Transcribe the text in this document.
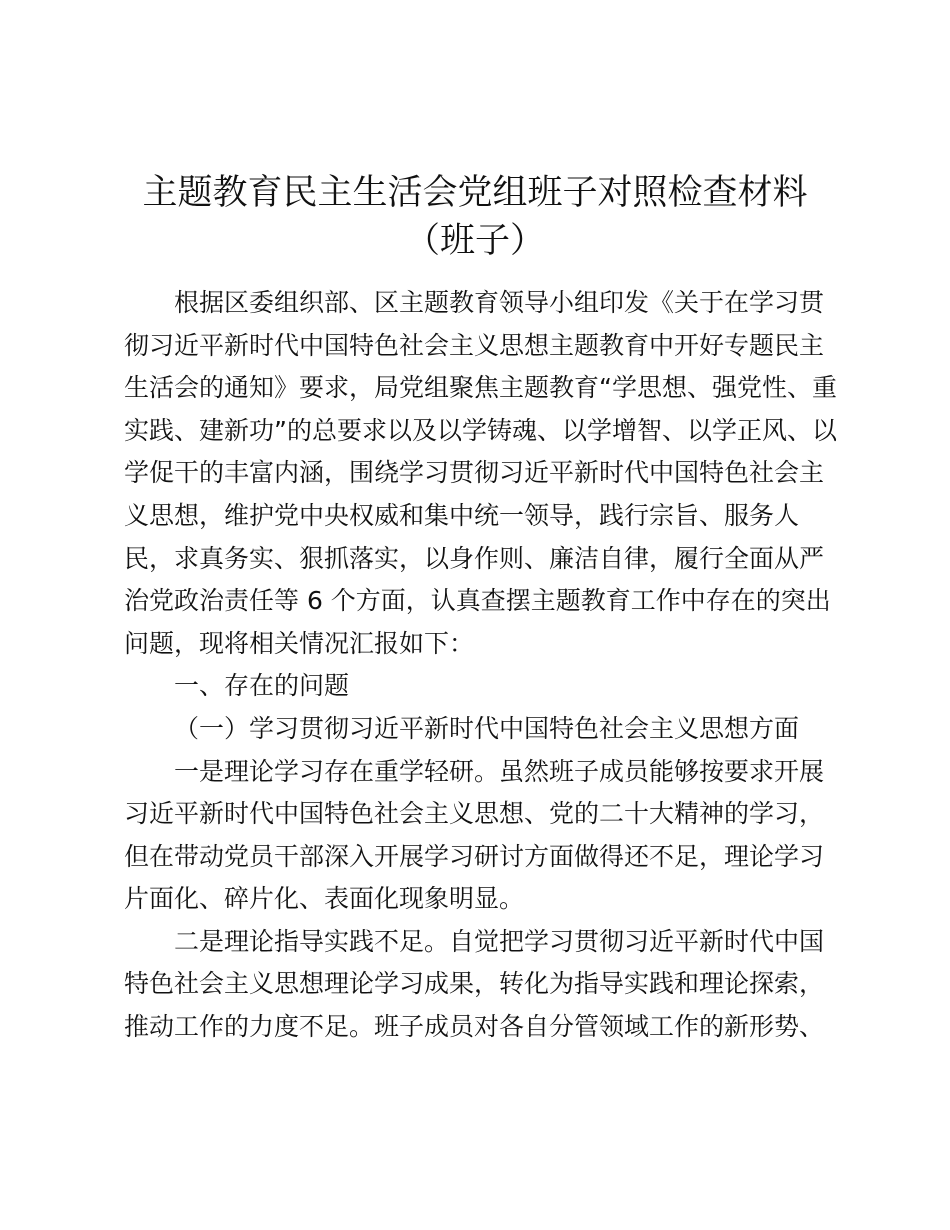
主题教育民主生活会党组班子对照检查材料
（班子）
根据区委组织部、区主题教育领导小组印发《关于在学习贯
彻习近平新时代中国特色社会主义思想主题教育中开好专题民主
生活会的通知》要求，局党组聚焦主题教育“学思想、强党性、重
实践、建新功”的总要求以及以学铸魂、以学增智、以学正风、以
学促干的丰富内涵，围绕学习贯彻习近平新时代中国特色社会主
义思想，维护党中央权威和集中统一领导，践行宗旨、服务人
民，求真务实、狠抓落实，以身作则、廉洁自律，履行全面从严
治党政治责任等 6 个方面，认真查摆主题教育工作中存在的突出
问题，现将相关情况汇报如下：
一、存在的问题
（一）学习贯彻习近平新时代中国特色社会主义思想方面
一是理论学习存在重学轻研。虽然班子成员能够按要求开展
习近平新时代中国特色社会主义思想、党的二十大精神的学习，
但在带动党员干部深入开展学习研讨方面做得还不足，理论学习
片面化、碎片化、表面化现象明显。
二是理论指导实践不足。自觉把学习贯彻习近平新时代中国
特色社会主义思想理论学习成果，转化为指导实践和理论探索，
推动工作的力度不足。班子成员对各自分管领域工作的新形势、
